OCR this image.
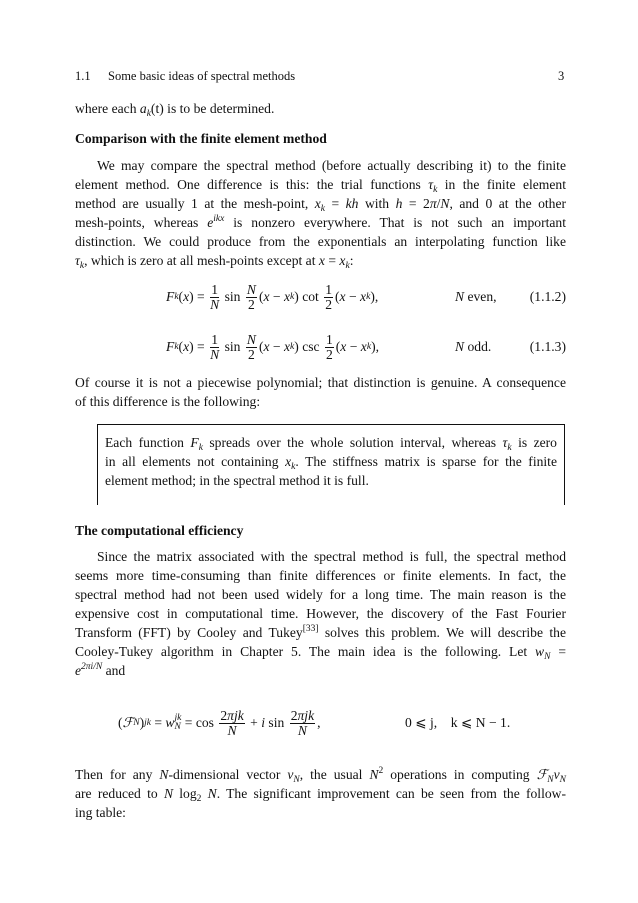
1.1 Some basic ideas of spectral methods	3
where each $a_k(t)$ is to be determined.
Comparison with the finite element method
We may compare the spectral method (before actually describing it) to the finite
element method. One difference is this: the trial functions $\tau_k$ in the finite element
method are usually 1 at the mesh-point, $x_k$ = kh with h = 2π/N, and 0 at the other
mesh-points, whereas $e^{ikx}$ is nonzero everywhere. That is not such an important
distinction. We could produce from the exponentials an interpolating function like
$\tau_k$, which is zero at all mesh-points except at $x = x_k$:
F k ( x ) = $\frac{1}{N}$ $\sin \frac{N}{2}$ ( x − x k ) cot
$\frac{1}{2}$ ( x − x k ),	N even, (1.1.2)
F k ( x ) = $\frac{1}{N}$ $\sin \frac{N}{2}$ ( x − x k ) csc
$\frac{1}{2}$ ( x − x k ),	N odd.	(1.1.3)
Of course it is not a piecewise polynomial; that distinction is genuine. A consequence
of this difference is the following:
Each function $F_k$ spreads over the whole solution interval, whereas $\tau_k$ is zero
in all elements not containing $x_k$. The stiffness matrix is sparse for the finite
element method; in the spectral method it is full.
The computational efficiency
Since the matrix associated with the spectral method is full, the spectral method
seems more time-consuming than finite differences or finite elements. In fact, the
spectral method had not been used widely for a long time. The main reason is the
expensive cost in computational time. However, the discovery of the Fast Fourier
Transform (FFT) by Cooley and Tukey[33] solves this problem. We will describe the
Cooley-Tukey algorithm in Chapter 5. The main idea is the following. Let $w_N$ =
$e^{2\pi i/N}$ and
( ℱ N ) jk = w jk
$N = \cos \frac{\text{2πjk}}{N} + i$ $\sin \frac{\text{2πjk}}{N}$ ,	0 ⩽ j,    k ⩽ N − 1.
Then for any N-dimensional vector $v_N$, the usual $N^2$ operations in computing $ℱ_Nv_N$
are reduced to N $\log_2 N$. The significant improvement can be seen from the follow-
ing table:
